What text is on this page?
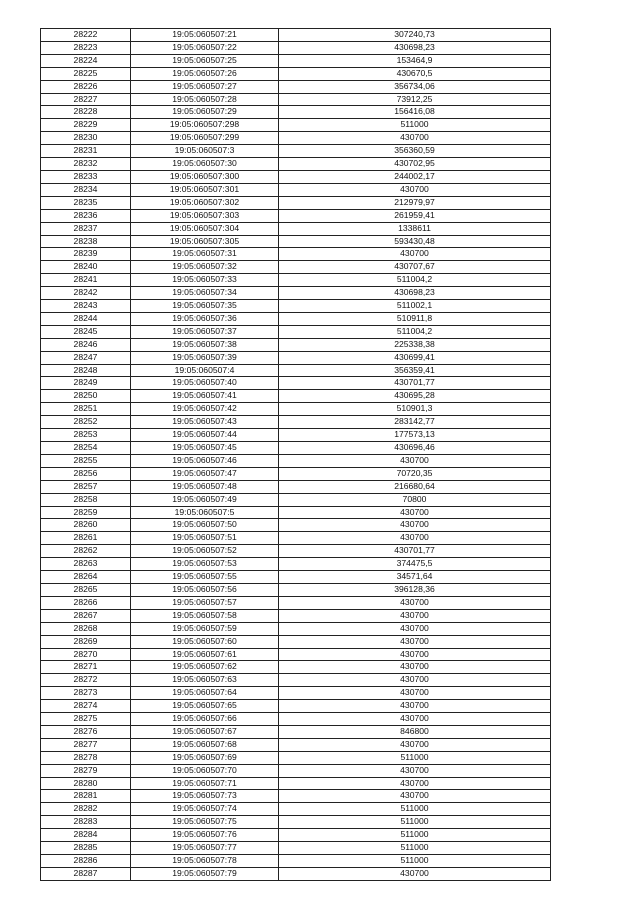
28222	19:05:060507:21	307240,73
28223	19:05:060507:22	430698,23
28224	19:05:060507:25	153464,9
28225	19:05:060507:26	430670,5
28226	19:05:060507:27	356734,06
28227	19:05:060507:28	73912,25
28228	19:05:060507:29	156416,08
28229	19:05:060507:298	511000
28230	19:05:060507:299	430700
28231	19:05:060507:3	356360,59
28232	19:05:060507:30	430702,95
28233	19:05:060507:300	244002,17
28234	19:05:060507:301	430700
28235	19:05:060507:302	212979,97
28236	19:05:060507:303	261959,41
28237	19:05:060507:304	1338611
28238	19:05:060507:305	593430,48
28239	19:05:060507:31	430700
28240	19:05:060507:32	430707,67
28241	19:05:060507:33	511004,2
28242	19:05:060507:34	430698,23
28243	19:05:060507:35	511002,1
28244	19:05:060507:36	510911,8
28245	19:05:060507:37	511004,2
28246	19:05:060507:38	225338,38
28247	19:05:060507:39	430699,41
28248	19:05:060507:4	356359,41
28249	19:05:060507:40	430701,77
28250	19:05:060507:41	430695,28
28251	19:05:060507:42	510901,3
28252	19:05:060507:43	283142,77
28253	19:05:060507:44	177573,13
28254	19:05:060507:45	430696,46
28255	19:05:060507:46	430700
28256	19:05:060507:47	70720,35
28257	19:05:060507:48	216680,64
28258	19:05:060507:49	70800
28259	19:05:060507:5	430700
28260	19:05:060507:50	430700
28261	19:05:060507:51	430700
28262	19:05:060507:52	430701,77
28263	19:05:060507:53	374475,5
28264	19:05:060507:55	34571,64
28265	19:05:060507:56	396128,36
28266	19:05:060507:57	430700
28267	19:05:060507:58	430700
28268	19:05:060507:59	430700
28269	19:05:060507:60	430700
28270	19:05:060507:61	430700
28271	19:05:060507:62	430700
28272	19:05:060507:63	430700
28273	19:05:060507:64	430700
28274	19:05:060507:65	430700
28275	19:05:060507:66	430700
28276	19:05:060507:67	846800
28277	19:05:060507:68	430700
28278	19:05:060507:69	511000
28279	19:05:060507:70	430700
28280	19:05:060507:71	430700
28281	19:05:060507:73	430700
28282	19:05:060507:74	511000
28283	19:05:060507:75	511000
28284	19:05:060507:76	511000
28285	19:05:060507:77	511000
28286	19:05:060507:78	511000
28287	19:05:060507:79	430700
